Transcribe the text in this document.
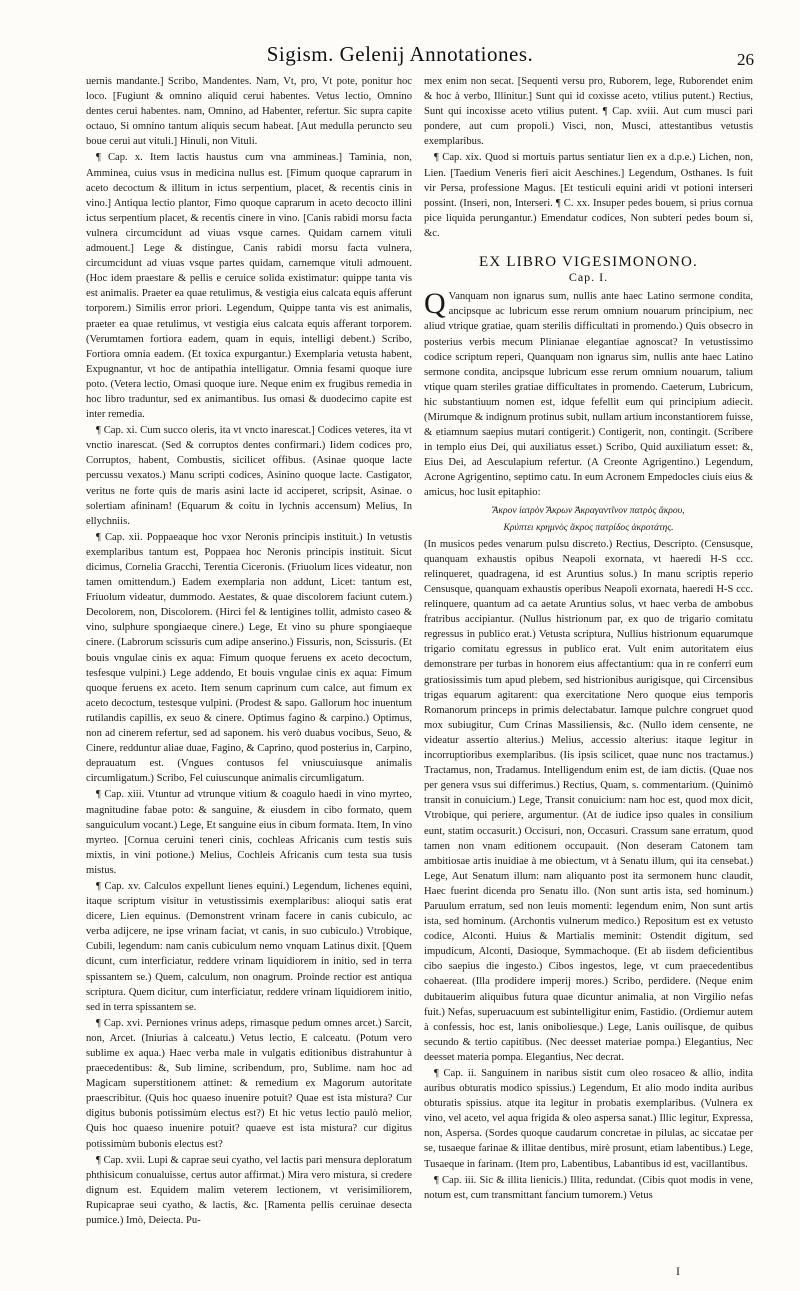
Sigism. Gelenij Annotationes.	26

uernis mandante.] Scribo, Mandentes. Nam, Vt, pro, Vt pote, ponitur hoc loco. [Fugiunt & omnino aliquid cerui habentes. Vetus lectio, Omnino dentes cerui habentes. nam, Omnino, ad Habenter, refertur. Sic supra capite octauo, Si omnino tantum aliquis secum habeat. [Aut medulla peruncto seu boue cerui aut vituli.] Hinuli, non Vituli.

¶ Cap. x. Item lactis haustus cum vna ammineas.] Taminia, non, Amminea, cuius vsus in medicina nullus est. [Fimum quoque caprarum in aceto decoctum & illitum in ictus serpentium, placet, & recentis cinis in vino.] Antiqua lectio plantor, Fimo quoque caprarum in aceto decocto illini ictus serpentium placet, & recentis cinere in vino. [Canis rabidi morsu facta vulnera circumcidunt ad viuas vsque carnes. Quidam carnem vituli admouent.] Lege & distingue, Canis rabidi morsu facta vulnera, circumcidunt ad viuas vsque partes quidam, carnemque vituli admouent. (Hoc idem praestare & pellis e ceruice solida existimatur: quippe tanta vis est animalis. Praeter ea quae retulimus, & vestigia eius calcata equis afferunt torporem.) Similis error priori. Legendum, Quippe tanta vis est animalis, praeter ea quae retulimus, vt vestigia eius calcata equis afferant torporem. (Verumtamen fortiora eadem, quam in equis, intelligi debent.) Scribo, Fortiora omnia eadem. (Et toxica expurgantur.) Exemplaria vetusta habent, Expugnantur, vt hoc de antipathia intelligatur. Omnia fesami quoque iure poto. (Vetera lectio, Omasi quoque iure. Neque enim ex frugibus remedia in hoc libro traduntur, sed ex animantibus. Ius omasi & duodecimo capite est inter remedia.

¶ Cap. xi. Cum succo oleris, ita vt vncto inarescat.] Codices veteres, ita vt vnctio inarescat. (Sed & corruptos dentes confirmari.) Iidem codices pro, Corruptos, habent, Combustis, sicilicet offibus. (Asinae quoque lacte percussu vexatos.) Manu scripti codices, Asinino quoque lacte. Castigator, veritus ne forte quis de maris asini lacte id acciperet, scripsit, Asinae. o solertiam afininam! (Equarum & coitu in lychnis accensum) Melius, In ellychniis.

¶ Cap. xii. Poppaeaque hoc vxor Neronis principis instituit.) In vetustis exemplaribus tantum est, Poppaea hoc Neronis principis instituit. Sicut dicimus, Cornelia Gracchi, Terentia Ciceronis. (Friuolum lices videatur, non tamen omittendum.) Eadem exemplaria non addunt, Licet: tantum est, Friuolum videatur, dummodo. Aestates, & quae discolorem faciunt cutem.) Decolorem, non, Discolorem. (Hirci fel & lentigines tollit, admisto caseo & vino, sulphure spongiaeque cinere.) Lege, Et vino su phure spongiaeque cinere. (Labrorum scissuris cum adipe anserino.) Fissuris, non, Scissuris. (Et bouis vngulae cinis ex aqua: Fimum quoque feruens ex aceto decoctum, tesfesque vulpini.) Lege addendo, Et bouis vngulae cinis ex aqua: Fimum quoque feruens ex aceto. Item senum caprinum cum calce, aut fimum ex aceto decoctum, testesque vulpini. (Prodest & sapo. Gallorum hoc inuentum rutilandis capillis, ex seuo & cinere. Optimus fagino & carpino.) Optimus, non ad cinerem refertur, sed ad saponem. his verò duabus vocibus, Seuo, & Cinere, redduntur aliae duae, Fagino, & Caprino, quod posterius in, Carpino, deprauatum est. (Vngues contusos fel vniuscuiusque animalis circumligatum.) Scribo, Fel cuiuscunque animalis circumligatum.

¶ Cap. xiii. Vtuntur ad vtrunque vitium & coagulo haedi in vino myrteo, magnitudine fabae poto: & sanguine, & eiusdem in cibo formato, quem sanguiculum vocant.) Lege, Et sanguine eius in cibum formata. Item, In vino myrteo. [Cornua ceruini teneri cinis, cochleas Africanis cum testis suis mixtis, in vini potione.) Melius, Cochleis Africanis cum testa sua tusis mistus.

¶ Cap. xv. Calculos expellunt lienes equini.) Legendum, lichenes equini, itaque scriptum visitur in vetustissimis exemplaribus: alioqui satis erat dicere, Lien equinus. (Demonstrent vrinam facere in canis cubiculo, ac verba adijcere, ne ipse vrinam faciat, vt canis, in suo cubiculo.) Vtrobique, Cubili, legendum: nam canis cubiculum nemo vnquam Latinus dixit. [Quem dicunt, cum interficiatur, reddere vrinam liquidiorem in initio, sed in terra spissantem se.) Quem, calculum, non onagrum. Proinde rectior est antiqua scriptura. Quem dicitur, cum interficiatur, reddere vrinam liquidiorem initio, sed in terra spissantem se.

¶ Cap. xvi. Perniones vrinus adeps, rimasque pedum omnes arcet.) Sarcit, non, Arcet. (Iniurias à calceatu.) Vetus lectio, E calceatu. (Potum vero sublime ex aqua.) Haec verba male in vulgatis editionibus distrahuntur à praecedentibus: &, Sub limine, scribendum, pro, Sublime. nam hoc ad Magicam superstitionem attinet: & remedium ex Magorum autoritate praescribitur. (Quis hoc quaeso inuenire potuit? Quae est ista mistura? Cur digitus bubonis potissimùm electus est?) Et hic vetus lectio paulò melior, Quis hoc quaeso inuenire potuit? quaeve est ista mistura? cur digitus potissimùm bubonis electus est?

¶ Cap. xvii. Lupi & caprae seui cyatho, vel lactis pari mensura deploratum phthisicum conualuisse, certus autor affirmat.) Mira vero mistura, si credere dignum est. Equidem malim veterem lectionem, vt verisimiliorem, Rupicaprae seui cyatho, & lactis, &c. [Ramenta pellis ceruinae desecta pumice.) Imò, Deiecta. Pu-

mex enim non secat. [Sequenti versu pro, Ruborem, lege, Ruborendet enim & hoc à verbo, Illinitur.] Sunt qui id coxisse aceto, vtilius putent.) Rectius, Sunt qui incoxisse aceto vtilius putent. ¶ Cap. xviii. Aut cum musci pari pondere, aut cum propoli.) Visci, non, Musci, attestantibus vetustis exemplaribus.

¶ Cap. xix. Quod si mortuis partus sentiatur lien ex a d.p.e.) Lichen, non, Lien. [Taedium Veneris fieri aicit Aeschines.] Legendum, Osthanes. Is fuit vir Persa, professione Magus. [Et testiculi equini aridi vt potioni interseri possint. (Inseri, non, Interseri. ¶ C. xx. Insuper pedes bouem, si prius cornua pice liquida perungantur.) Emendatur codices, Non subteri pedes boum si, &c.

EX LIBRO VIGESIMONONO.
Cap. I.

Q Vanquam non ignarus sum, nullis ante haec Latino sermone condita, ancipsque ac lubricum esse rerum omnium nouarum principium, nec aliud vtrique gratiae, quam sterilis difficultati in promendo.) Quis obsecro in posterius verbis mecum Plinianae elegantiae agnoscat? In vetustissimo codice scriptum reperi, Quanquam non ignarus sim, nullis ante haec Latino sermone condita, ancipsque lubricum esse rerum omnium nouarum, talium vtique quam steriles gratiae difficultates in promendo. Caeterum, Lubricum, hic substantiuum nomen est, idque fefellit eum qui principium adiecit. (Mirumque & indignum protinus subit, nullam artium inconstantiorem fuisse, & etiamnum saepius mutari contigerit.) Contigerit, non, contingit. (Scribere in templo eius Dei, qui auxiliatus esset.) Scribo, Quid auxiliatum esset: &, Eius Dei, ad Aesculapium refertur. (A Creonte Agrigentino.) Legendum, Acrone Agrigentino, septimo catu. In eum Acronem Empedocles ciuis eius & amicus, hoc lusit epitaphio:

Ἄκρον ἰατρὸν Ἄκρων Ἀκραγαντῖνον πατρὸς ἄκρου,

Κρύπτει κρημνὸς ἄκρος πατρίδος ἀκροτάτης.

(In musicos pedes venarum pulsu discreto.) Rectius, Descripto. (Censusque, quanquam exhaustis opibus Neapoli exornata, vt haeredi H-S ccc. relinqueret, quadragena, id est Aruntius solus.) In manu scriptis reperio Censusque, quanquam exhaustis operibus Neapoli exornata, haeredi H-S ccc. relinquere, quantum ad ca aetate Aruntius solus, vt haec verba de ambobus fratribus accipiantur. (Nullus histrionum par, ex quo de trigario comitatu regressus in publico erat.) Vetusta scriptura, Nullius histrionum equarumque trigario comitatu egressus in publico erat. Vult enim autoritatem eius demonstrare per turbas in honorem eius affectantium: qua in re conferri eum gratiosissimis tum apud plebem, sed histrionibus aurigisque, qui Circensibus trigas equarum agitarent: qua exercitatione Nero quoque eius temporis Romanorum princeps in primis delectabatur. Iamque pulchre congruet quod mox subiugitur, Cum Crinas Massiliensis, &c. (Nullo idem censente, ne videatur assertio alterius.) Melius, accessio alterius: itaque legitur in incorruptioribus exemplaribus. (Iis ipsis scilicet, quae nunc nos tractamus.) Tractamus, non, Tradamus. Intelligendum enim est, de iam dictis. (Quae nos per genera vsus sui differimus.) Rectius, Quam, s. commentarium. (Quinimò transit in conuicium.) Lege, Transit conuicium: nam hoc est, quod mox dicit, Vtrobique, qui periere, argumentur. (At de iudice ipso quales in consilium eunt, statim occasurit.) Occisuri, non, Occasuri. Crassum sane erratum, quod tamen non vnam editionem occupauit. (Non deseram Catonem tam ambitiosae artis inuidiae à me obiectum, vt à Senatu illum, qui ita censebat.) Lege, Aut Senatum illum: nam aliquanto post ita sermonem hunc claudit, Haec fuerint dicenda pro Senatu illo. (Non sunt artis ista, sed hominum.) Paruulum erratum, sed non leuis momenti: legendum enim, Non sunt artis ista, sed hominum. (Archontis vulnerum medico.) Repositum est ex vetusto codice, Alconti. Huius & Martialis meminit: Ostendit digitum, sed impudicum, Alconti, Dasioque, Symmachoque. (Et ab iisdem deficientibus cibo saepius die ingesto.) Cibos ingestos, lege, vt cum praecedentibus cohaereat. (Illa prodidere imperij mores.) Scribo, perdidere. (Neque enim dubitauerim aliquibus futura quae dicuntur animalia, at non Virgilio nefas fuit.) Nefas, superuacuum est subintelligitur enim, Fastidio. (Ordiemur autem à confessis, hoc est, lanis oniboliesque.) Lege, Lanis ouilisque, de quibus secundo & tertio capitibus. (Nec deesset materiae pompa.) Elegantius, Nec deesset materia pompa. Elegantius, Nec decrat.

¶ Cap. ii. Sanguinem in naribus sistit cum oleo rosaceo & allio, indita auribus obturatis modico spissius.) Legendum, Et alio modo indita auribus obturatis spissius. atque ita legitur in probatis exemplaribus. (Vulnera ex vino, vel aceto, vel aqua frigida & oleo aspersa sanat.) Illic legitur, Expressa, non, Aspersa. (Sordes quoque caudarum concretae in pilulas, ac siccatae per se, tusaeque farinae & illitae dentibus, mirè prosunt, etiam labentibus.) Lege, Tusaeque in farinam. (Item pro, Labentibus, Labantibus id est, vacillantibus.

¶ Cap. iii. Sic & illita lienicis.) Illita, redundat. (Cibis quot modis in vene, notum est, cum transmittant fancium tumorem.) Vetus

I
